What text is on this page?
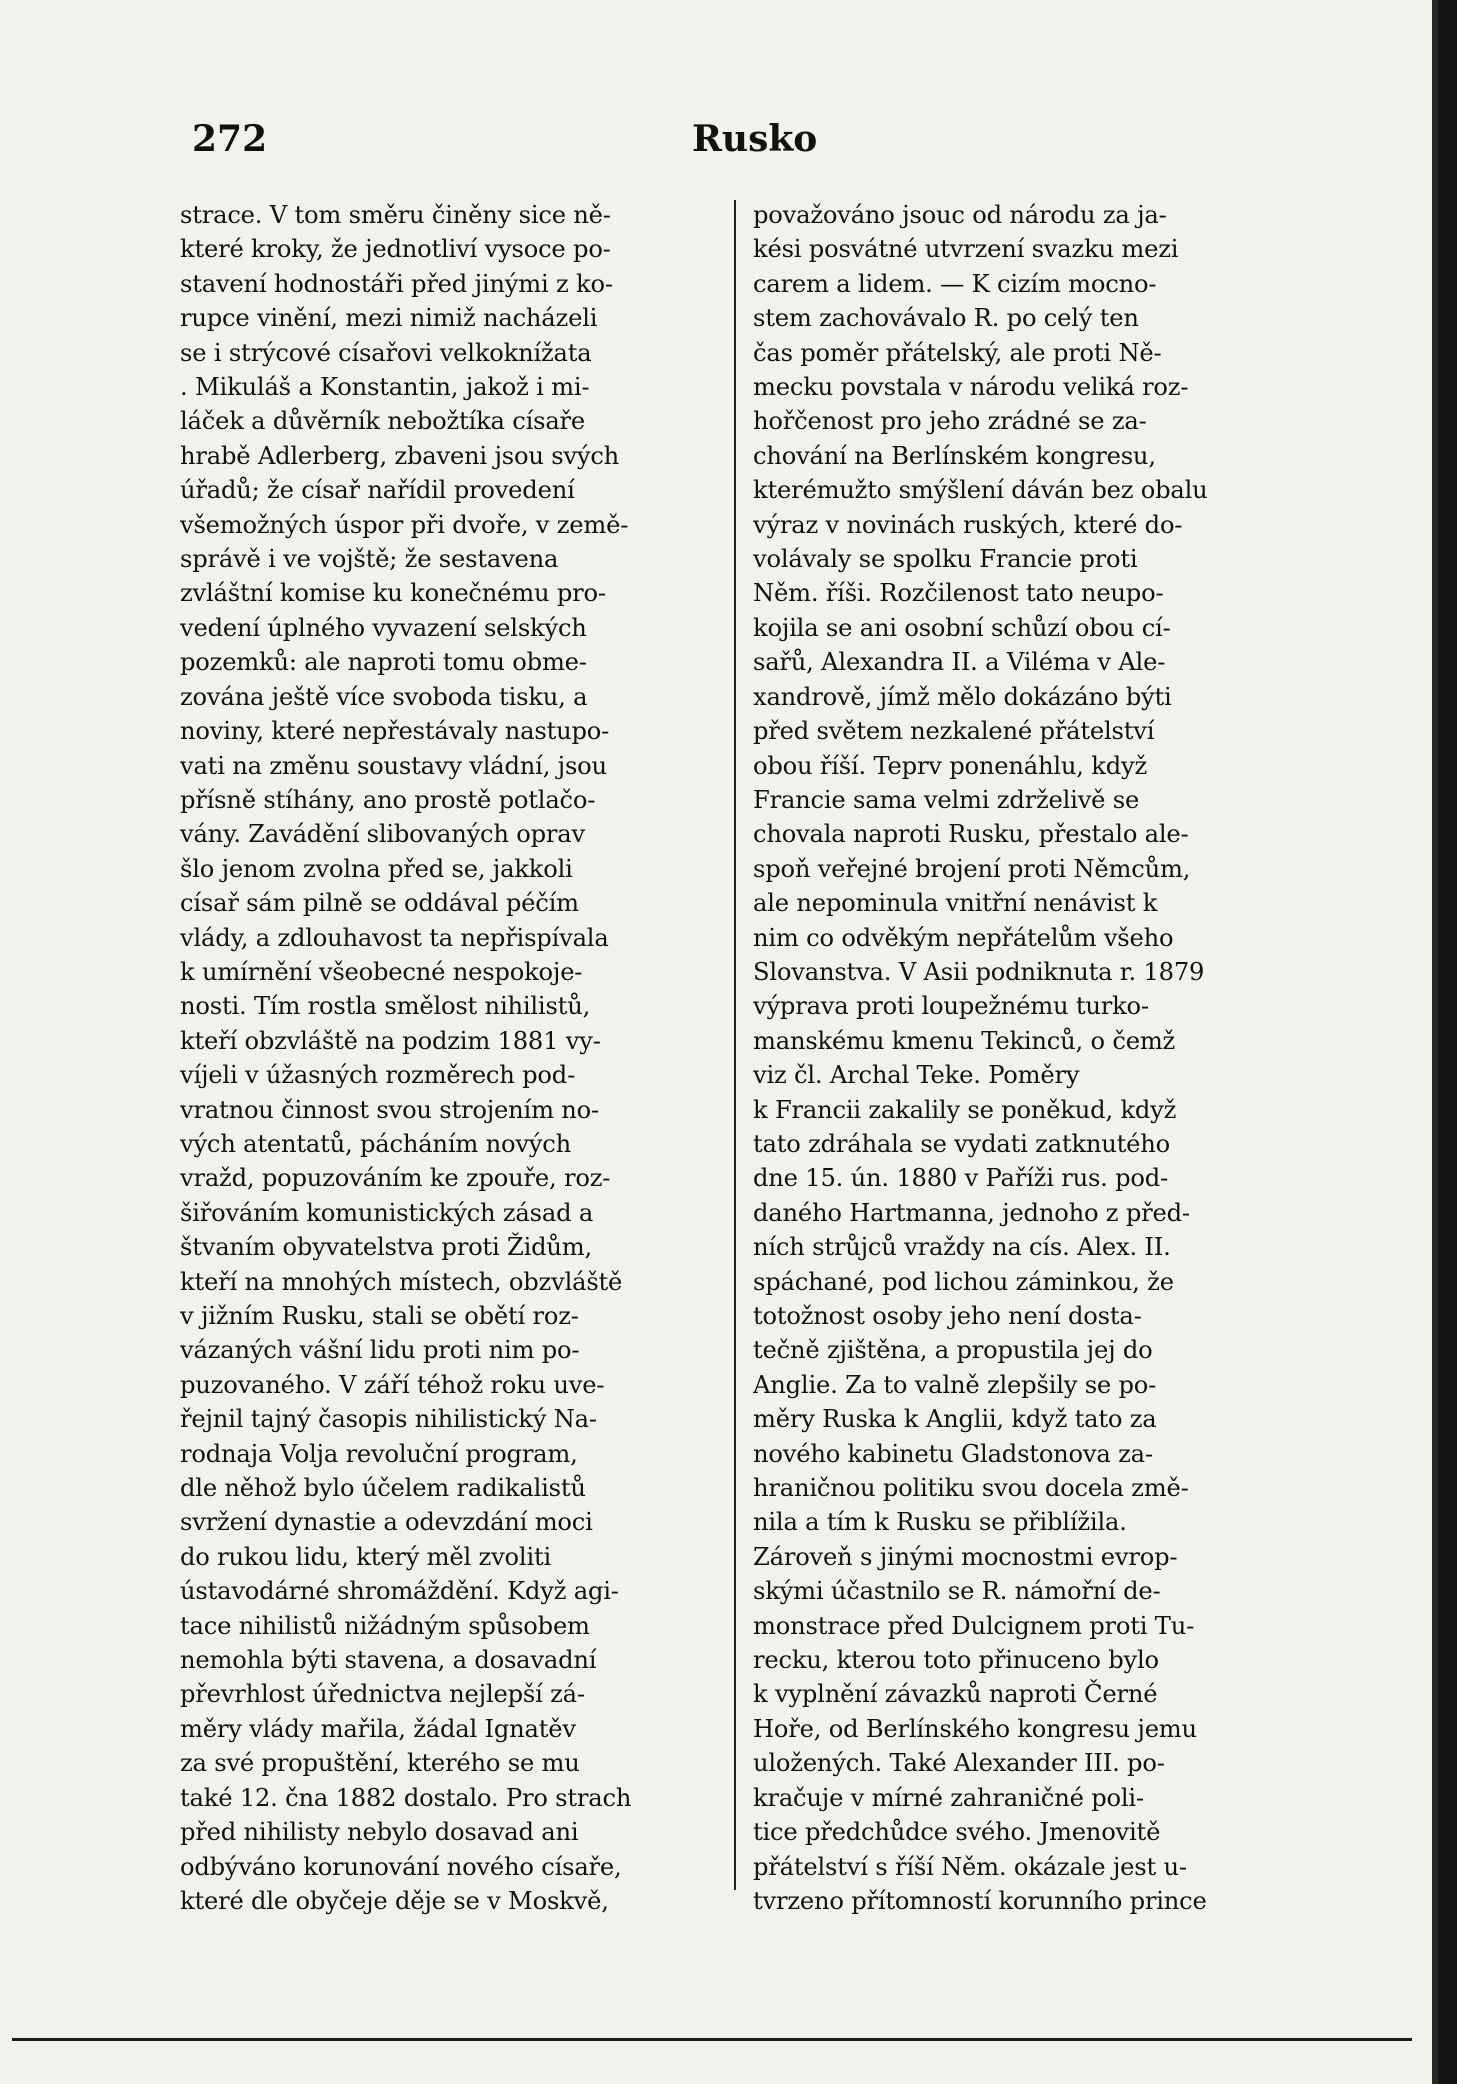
272	Rusko
strace. V tom směru činěny sice ně-
které kroky, že jednotliví vysoce po-
stavení hodnostáři před jinými z ko-
rupce vinění, mezi nimiž nacházeli
se i strýcové císařovi velkoknížata
. Mikuláš a Konstantin, jakož i mi-
láček a důvěrník nebožtíka císaře
hrabě Adlerberg, zbaveni jsou svých
úřadů; že císař nařídil provedení
všemožných úspor při dvoře, v země-
správě i ve vojště; že sestavena
zvláštní komise ku konečnému pro-
vedení úplného vyvazení selských
pozemků: ale naproti tomu obme-
zována ještě více svoboda tisku, a
noviny, které nepřestávaly nastupo-
vati na změnu soustavy vládní, jsou
přísně stíhány, ano prostě potlačo-
vány. Zavádění slibovaných oprav
šlo jenom zvolna před se, jakkoli
císař sám pilně se oddával péčím
vlády, a zdlouhavost ta nepřispívala
k umírnění všeobecné nespokoje-
nosti. Tím rostla smělost nihilistů,
kteří obzvláště na podzim 1881 vy-
víjeli v úžasných rozměrech pod-
vratnou činnost svou strojením no-
vých atentatů, pácháním nových
vražd, popuzováním ke zpouře, roz-
šiřováním komunistických zásad a
štvaním obyvatelstva proti Židům,
kteří na mnohých místech, obzvláště
v jižním Rusku, stali se obětí roz-
vázaných vášní lidu proti nim po-
puzovaného. V září téhož roku uve-
řejnil tajný časopis nihilistický Na-
rodnaja Volja revoluční program,
dle něhož bylo účelem radikalistů
svržení dynastie a odevzdání moci
do rukou lidu, který měl zvoliti
ústavodárné shromáždění. Když agi-
tace nihilistů nižádným spůsobem
nemohla býti stavena, a dosavadní
převrhlost úřednictva nejlepší zá-
měry vlády mařila, žádal Ignatěv
za své propuštění, kterého se mu
také 12. čna 1882 dostalo. Pro strach
před nihilisty nebylo dosavad ani
odbýváno korunování nového císaře,
které dle obyčeje děje se v Moskvě,
považováno jsouc od národu za ja-
kési posvátné utvrzení svazku mezi
carem a lidem. — K cizím mocno-
stem zachovávalo R. po celý ten
čas poměr přátelský, ale proti Ně-
mecku povstala v národu veliká roz-
hořčenost pro jeho zrádné se za-
chování na Berlínském kongresu,
kterémužto smýšlení dáván bez obalu
výraz v novinách ruských, které do-
volávaly se spolku Francie proti
Něm. říši. Rozčilenost tato neupo-
kojila se ani osobní schůzí obou cí-
sařů, Alexandra II. a Viléma v Ale-
xandrově, jímž mělo dokázáno býti
před světem nezkalené přátelství
obou říší. Teprv ponenáhlu, když
Francie sama velmi zdrželivě se
chovala naproti Rusku, přestalo ale-
spoň veřejné brojení proti Němcům,
ale nepominula vnitřní nenávist k
nim co odvěkým nepřátelům všeho
Slovanstva. V Asii podniknuta r. 1879
výprava proti loupežnému turko-
manskému kmenu Tekinců, o čemž
viz čl. Archal Teke. Poměry
k Francii zakalily se poněkud, když
tato zdráhala se vydati zatknutého
dne 15. ún. 1880 v Paříži rus. pod-
daného Hartmanna, jednoho z před-
ních strůjců vraždy na cís. Alex. II.
spáchané, pod lichou záminkou, že
totožnost osoby jeho není dosta-
tečně zjištěna, a propustila jej do
Anglie. Za to valně zlepšily se po-
měry Ruska k Anglii, když tato za
nového kabinetu Gladstonova za-
hraničnou politiku svou docela změ-
nila a tím k Rusku se přiblížila.
Zároveň s jinými mocnostmi evrop-
skými účastnilo se R. námořní de-
monstrace před Dulcignem proti Tu-
recku, kterou toto přinuceno bylo
k vyplnění závazků naproti Černé
Hoře, od Berlínského kongresu jemu
uložených. Také Alexander III. po-
kračuje v mírné zahraničné poli-
tice předchůdce svého. Jmenovitě
přátelství s říší Něm. okázale jest u-
tvrzeno přítomností korunního prince
